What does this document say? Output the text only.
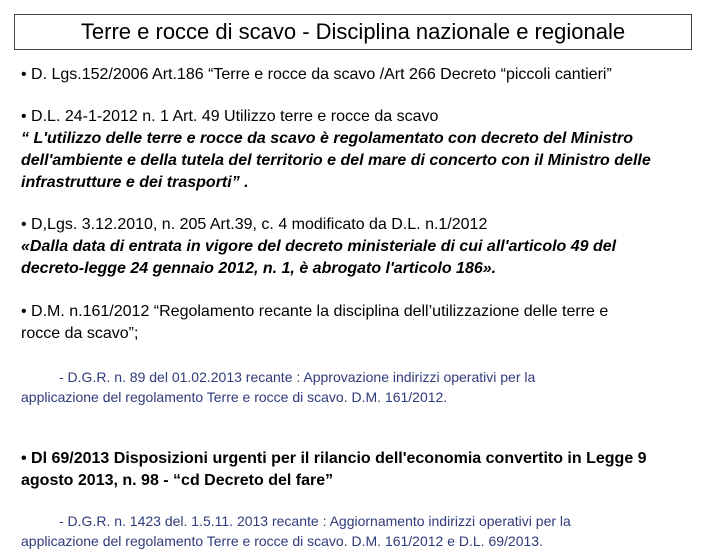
Terre e rocce di scavo - Disciplina nazionale e regionale
• D. Lgs.152/2006 Art.186 “Terre e rocce da scavo /Art 266 Decreto “piccoli cantieri”
• D.L. 24-1-2012 n. 1 Art. 49 Utilizzo terre e rocce da scavo
“ L'utilizzo delle terre e rocce da scavo è regolamentato con decreto del Ministro
dell'ambiente e della tutela del territorio e del mare di concerto con il Ministro delle
infrastrutture e dei trasporti” .
• D,Lgs. 3.12.2010, n. 205 Art.39, c. 4 modificato da D.L. n.1/2012
«Dalla data di entrata in vigore del decreto ministeriale di cui all'articolo 49 del
decreto-legge 24 gennaio 2012, n. 1, è abrogato l'articolo 186».
• D.M. n.161/2012 “Regolamento recante la disciplina dell’utilizzazione delle terre e
rocce da scavo”;
- D.G.R. n. 89 del 01.02.2013 recante : Approvazione indirizzi operativi per la
applicazione del regolamento Terre e rocce di scavo. D.M. 161/2012.
• Dl 69/2013 Disposizioni urgenti per il rilancio dell'economia convertito in Legge 9
agosto 2013, n. 98 - “cd Decreto del fare”
- D.G.R. n. 1423 del. 1.5.11. 2013 recante : Aggiornamento indirizzi operativi per la
applicazione del regolamento Terre e rocce di scavo. D.M. 161/2012 e D.L. 69/2013.
